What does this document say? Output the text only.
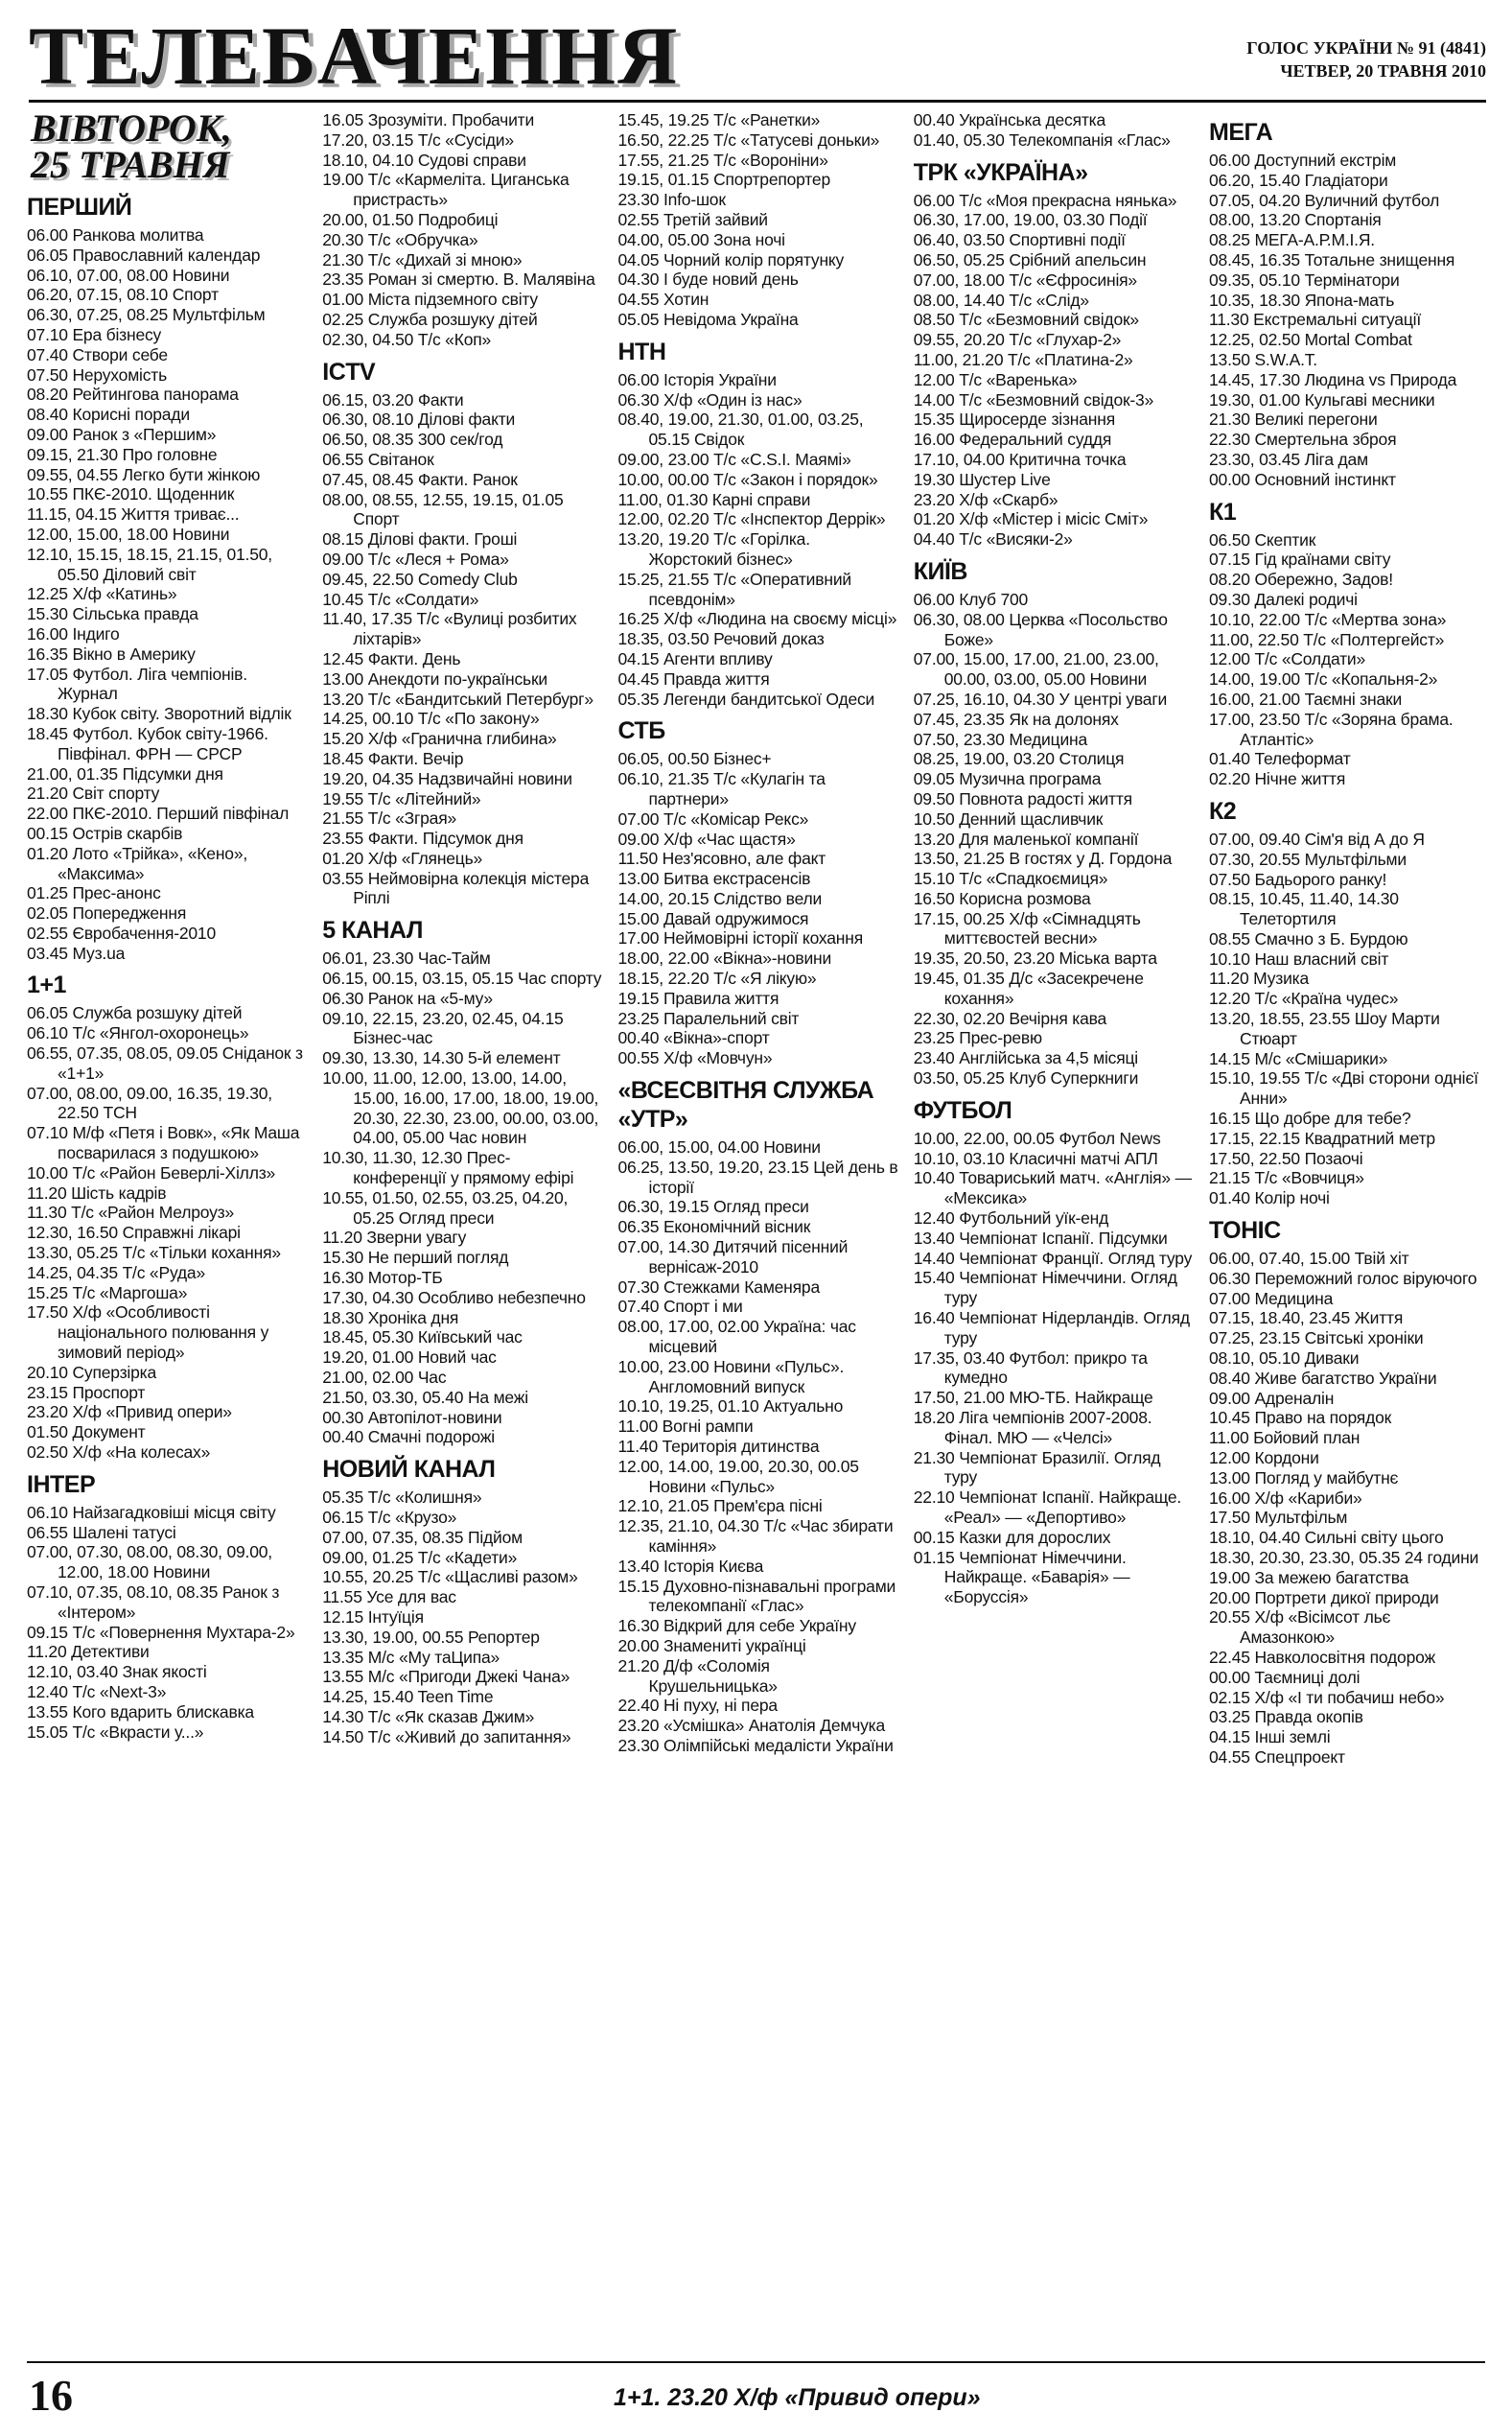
ТЕЛЕБАЧЕННЯ	ГОЛОС УКРАЇНИ № 91 (4841)
ЧЕТВЕР, 20 ТРАВНЯ 2010
ВІВТОРОК,
25 ТРАВНЯ
ПЕРШИЙ
06.00 Ранкова молитва
06.05 Православний календар
06.10, 07.00, 08.00 Новини
06.20, 07.15, 08.10 Спорт
06.30, 07.25, 08.25 Мультфільм
07.10 Ера бізнесу
07.40 Створи себе
07.50 Нерухомість
08.20 Рейтингова панорама
08.40 Корисні поради
09.00 Ранок з «Першим»
09.15, 21.30 Про головне
09.55, 04.55 Легко бути жінкою
10.55 ПКЄ-2010. Щоденник
11.15, 04.15 Життя триває...
12.00, 15.00, 18.00 Новини
12.10, 15.15, 18.15, 21.15, 01.50, 05.50 Діловий світ
12.25 Х/ф «Катинь»
15.30 Сільська правда
16.00 Індиго
16.35 Вікно в Америку
17.05 Футбол. Ліга чемпіонів. Журнал
18.30 Кубок світу. Зворотний відлік
18.45 Футбол. Кубок світу-1966. Півфінал. ФРН — СРСР
21.00, 01.35 Підсумки дня
21.20 Світ спорту
22.00 ПКЄ-2010. Перший півфінал
00.15 Острів скарбів
01.20 Лото «Трійка», «Кено», «Максима»
01.25 Прес-анонс
02.05 Попередження
02.55 Євробачення-2010
03.45 Муз.ua
1+1
06.05 Служба розшуку дітей
06.10 Т/с «Янгол-охоронець»
06.55, 07.35, 08.05, 09.05 Сніданок з «1+1»
07.00, 08.00, 09.00, 16.35, 19.30, 22.50 ТСН
07.10 М/ф «Петя і Вовк», «Як Маша посварилася з подушкою»
10.00 Т/с «Район Беверлі-Хіллз»
11.20 Шість кадрів
11.30 Т/с «Район Мелроуз»
12.30, 16.50 Справжні лікарі
13.30, 05.25 Т/с «Тільки кохання»
14.25, 04.35 Т/с «Руда»
15.25 Т/с «Маргоша»
17.50 Х/ф «Особливості національного полювання у зимовий період»
20.10 Суперзірка
23.15 Проспорт
23.20 Х/ф «Привид опери»
01.50 Документ
02.50 Х/ф «На колесах»
ІНТЕР
06.10 Найзагадковіші місця світу
06.55 Шалені татусі
07.00, 07.30, 08.00, 08.30, 09.00, 12.00, 18.00 Новини
07.10, 07.35, 08.10, 08.35 Ранок з «Інтером»
09.15 Т/с «Повернення Мухтара-2»
11.20 Детективи
12.10, 03.40 Знак якості
12.40 Т/с «Next-3»
13.55 Кого вдарить блискавка
15.05 Т/с «Вкрасти у...»
16.05 Зрозуміти. Пробачити
17.20, 03.15 Т/с «Сусіди»
18.10, 04.10 Судові справи
19.00 Т/с «Кармеліта. Циганська пристрасть»
20.00, 01.50 Подробиці
20.30 Т/с «Обручка»
21.30 Т/с «Дихай зі мною»
23.35 Роман зі смертю. В. Малявіна
01.00 Міста підземного світу
02.25 Служба розшуку дітей
02.30, 04.50 Т/с «Коп»
ICTV
06.15, 03.20 Факти
06.30, 08.10 Ділові факти
06.50, 08.35 300 сек/год
06.55 Світанок
07.45, 08.45 Факти. Ранок
08.00, 08.55, 12.55, 19.15, 01.05 Спорт
08.15 Ділові факти. Гроші
09.00 Т/с «Леся + Рома»
09.45, 22.50 Comedy Club
10.45 Т/с «Солдати»
11.40, 17.35 Т/с «Вулиці розбитих ліхтарів»
12.45 Факти. День
13.00 Анекдоти по-українськи
13.20 Т/с «Бандитський Петербург»
14.25, 00.10 Т/с «По закону»
15.20 Х/ф «Гранична глибина»
18.45 Факти. Вечір
19.20, 04.35 Надзвичайні новини
19.55 Т/с «Літейний»
21.55 Т/с «Зграя»
23.55 Факти. Підсумок дня
01.20 Х/ф «Глянець»
03.55 Неймовірна колекція містера Ріплі
5 КАНАЛ
06.01, 23.30 Час-Тайм
06.15, 00.15, 03.15, 05.15 Час спорту
06.30 Ранок на «5-му»
09.10, 22.15, 23.20, 02.45, 04.15 Бізнес-час
09.30, 13.30, 14.30 5-й елемент
10.00, 11.00, 12.00, 13.00, 14.00, 15.00, 16.00, 17.00, 18.00, 19.00, 20.30, 22.30, 23.00, 00.00, 03.00, 04.00, 05.00 Час новин
10.30, 11.30, 12.30 Прес-конференції у прямому ефірі
10.55, 01.50, 02.55, 03.25, 04.20, 05.25 Огляд преси
11.20 Зверни увагу
15.30 Не перший погляд
16.30 Мотор-ТБ
17.30, 04.30 Особливо небезпечно
18.30 Хроніка дня
18.45, 05.30 Київський час
19.20, 01.00 Новий час
21.00, 02.00 Час
21.50, 03.30, 05.40 На межі
00.30 Автопілот-новини
00.40 Смачні подорожі
НОВИЙ КАНАЛ
05.35 Т/с «Колишня»
06.15 Т/с «Крузо»
07.00, 07.35, 08.35 Підйом
09.00, 01.25 Т/с «Кадети»
10.55, 20.25 Т/с «Щасливі разом»
11.55 Усе для вас
12.15 Інтуїція
13.30, 19.00, 00.55 Репортер
13.35 М/с «Му таЦипа»
13.55 М/с «Пригоди Джекі Чана»
14.25, 15.40 Teen Time
14.30 Т/с «Як сказав Джим»
14.50 Т/с «Живий до запитання»
15.45, 19.25 Т/с «Ранетки»
16.50, 22.25 Т/с «Татусеві доньки»
17.55, 21.25 Т/с «Вороніни»
19.15, 01.15 Спортрепортер
23.30 Info-шок
02.55 Третій зайвий
04.00, 05.00 Зона ночі
04.05 Чорний колір порятунку
04.30 І буде новий день
04.55 Хотин
05.05 Невідома Україна
НТН
06.00 Історія України
06.30 Х/ф «Один із нас»
08.40, 19.00, 21.30, 01.00, 03.25, 05.15 Свідок
09.00, 23.00 Т/с «C.S.I. Маямі»
10.00, 00.00 Т/с «Закон і порядок»
11.00, 01.30 Карні справи
12.00, 02.20 Т/с «Інспектор Деррік»
13.20, 19.20 Т/с «Горілка. Жорстокий бізнес»
15.25, 21.55 Т/с «Оперативний псевдонім»
16.25 Х/ф «Людина на своєму місці»
18.35, 03.50 Речовий доказ
04.15 Агенти впливу
04.45 Правда життя
05.35 Легенди бандитської Одеси
СТБ
06.05, 00.50 Бізнес+
06.10, 21.35 Т/с «Кулагін та партнери»
07.00 Т/с «Комісар Рекс»
09.00 Х/ф «Час щастя»
11.50 Нез'ясовно, але факт
13.00 Битва екстрасенсів
14.00, 20.15 Слідство вели
15.00 Давай одружимося
17.00 Неймовірні історії кохання
18.00, 22.00 «Вікна»-новини
18.15, 22.20 Т/с «Я лікую»
19.15 Правила життя
23.25 Паралельний світ
00.40 «Вікна»-спорт
00.55 Х/ф «Мовчун»
«ВСЕСВІТНЯ СЛУЖБА «УТР»
06.00, 15.00, 04.00 Новини
06.25, 13.50, 19.20, 23.15 Цей день в історії
06.30, 19.15 Огляд преси
06.35 Економічний вісник
07.00, 14.30 Дитячий пісенний вернісаж-2010
07.30 Стежками Каменяра
07.40 Спорт і ми
08.00, 17.00, 02.00 Україна: час місцевий
10.00, 23.00 Новини «Пульс». Англомовний випуск
10.10, 19.25, 01.10 Актуально
11.00 Вогні рампи
11.40 Територія дитинства
12.00, 14.00, 19.00, 20.30, 00.05 Новини «Пульс»
12.10, 21.05 Прем'єра пісні
12.35, 21.10, 04.30 Т/с «Час збирати каміння»
13.40 Історія Києва
15.15 Духовно-пізнавальні програми телекомпанії «Глас»
16.30 Відкрий для себе Україну
20.00 Знамениті українці
21.20 Д/ф «Соломія Крушельницька»
22.40 Ні пуху, ні пера
23.20 «Усмішка» Анатолія Демчука
23.30 Олімпійські медалісти України
00.40 Українська десятка
01.40, 05.30 Телекомпанія «Глас»
ТРК «УКРАЇНА»
06.00 Т/с «Моя прекрасна нянька»
06.30, 17.00, 19.00, 03.30 Події
06.40, 03.50 Спортивні події
06.50, 05.25 Срібний апельсин
07.00, 18.00 Т/с «Єфросинія»
08.00, 14.40 Т/с «Слід»
08.50 Т/с «Безмовний свідок»
09.55, 20.20 Т/с «Глухар-2»
11.00, 21.20 Т/с «Платина-2»
12.00 Т/с «Варенька»
14.00 Т/с «Безмовний свідок-3»
15.35 Щиросерде зізнання
16.00 Федеральний суддя
17.10, 04.00 Критична точка
19.30 Шустер Live
23.20 Х/ф «Скарб»
01.20 Х/ф «Містер і місіс Сміт»
04.40 Т/с «Висяки-2»
КИЇВ
06.00 Клуб 700
06.30, 08.00 Церква «Посольство Боже»
07.00, 15.00, 17.00, 21.00, 23.00, 00.00, 03.00, 05.00 Новини
07.25, 16.10, 04.30 У центрі уваги
07.45, 23.35 Як на долонях
07.50, 23.30 Медицина
08.25, 19.00, 03.20 Столиця
09.05 Музична програма
09.50 Повнота радості життя
10.50 Денний щасливчик
13.20 Для маленької компанії
13.50, 21.25 В гостях у Д. Гордона
15.10 Т/с «Спадкоємиця»
16.50 Корисна розмова
17.15, 00.25 Х/ф «Сімнадцять миттєвостей весни»
19.35, 20.50, 23.20 Міська варта
19.45, 01.35 Д/с «Засекречене кохання»
22.30, 02.20 Вечірня кава
23.25 Прес-ревю
23.40 Англійська за 4,5 місяці
03.50, 05.25 Клуб Суперкниги
ФУТБОЛ
10.00, 22.00, 00.05 Футбол News
10.10, 03.10 Класичні матчі АПЛ
10.40 Товариський матч. «Англія» — «Мексика»
12.40 Футбольний уїк-енд
13.40 Чемпіонат Іспанії. Підсумки
14.40 Чемпіонат Франції. Огляд туру
15.40 Чемпіонат Німеччини. Огляд туру
16.40 Чемпіонат Нідерландів. Огляд туру
17.35, 03.40 Футбол: прикро та кумедно
17.50, 21.00 МЮ-ТБ. Найкраще
18.20 Ліга чемпіонів 2007-2008. Фінал. МЮ — «Челсі»
21.30 Чемпіонат Бразилії. Огляд туру
22.10 Чемпіонат Іспанії. Найкраще. «Реал» — «Депортиво»
00.15 Казки для дорослих
01.15 Чемпіонат Німеччини. Найкраще. «Баварія» — «Боруссія»
МЕГА
06.00 Доступний екстрім
06.20, 15.40 Гладіатори
07.05, 04.20 Вуличний футбол
08.00, 13.20 Спортанія
08.25 МЕГА-А.Р.М.І.Я.
08.45, 16.35 Тотальне знищення
09.35, 05.10 Термінатори
10.35, 18.30 Япона-мать
11.30 Екстремальні ситуації
12.25, 02.50 Mortal Combat
13.50 S.W.A.T.
14.45, 17.30 Людина vs Природа
19.30, 01.00 Кульгаві месники
21.30 Великі перегони
22.30 Смертельна зброя
23.30, 03.45 Ліга дам
00.00 Основний інстинкт
К1
06.50 Скептик
07.15 Гід країнами світу
08.20 Обережно, Задов!
09.30 Далекі родичі
10.10, 22.00 Т/с «Мертва зона»
11.00, 22.50 Т/с «Полтергейст»
12.00 Т/с «Солдати»
14.00, 19.00 Т/с «Копальня-2»
16.00, 21.00 Таємні знаки
17.00, 23.50 Т/с «Зоряна брама. Атлантіс»
01.40 Телеформат
02.20 Нічне життя
К2
07.00, 09.40 Сім'я від А до Я
07.30, 20.55 Мультфільми
07.50 Бадьорого ранку!
08.15, 10.45, 11.40, 14.30 Телетортиля
08.55 Смачно з Б. Бурдою
10.10 Наш власний світ
11.20 Музика
12.20 Т/с «Країна чудес»
13.20, 18.55, 23.55 Шоу Марти Стюарт
14.15 М/с «Смішарики»
15.10, 19.55 Т/с «Дві сторони однієї Анни»
16.15 Що добре для тебе?
17.15, 22.15 Квадратний метр
17.50, 22.50 Позаочі
21.15 Т/с «Вовчиця»
01.40 Колір ночі
ТОНІС
06.00, 07.40, 15.00 Твій хіт
06.30 Переможний голос віруючого
07.00 Медицина
07.15, 18.40, 23.45 Життя
07.25, 23.15 Світські хроніки
08.10, 05.10 Диваки
08.40 Живе багатство України
09.00 Адреналін
10.45 Право на порядок
11.00 Бойовий план
12.00 Кордони
13.00 Погляд у майбутнє
16.00 Х/ф «Кариби»
17.50 Мультфільм
18.10, 04.40 Сильні світу цього
18.30, 20.30, 23.30, 05.35 24 години
19.00 За межею багатства
20.00 Портрети дикої природи
20.55 Х/ф «Вісімсот льє Амазонкою»
22.45 Навколосвітня подорож
00.00 Таємниці долі
02.15 Х/ф «І ти побачиш небо»
03.25 Правда окопів
04.15 Інші землі
04.55 Спецпроект
16	1+1. 23.20 Х/ф «Привид опери»
